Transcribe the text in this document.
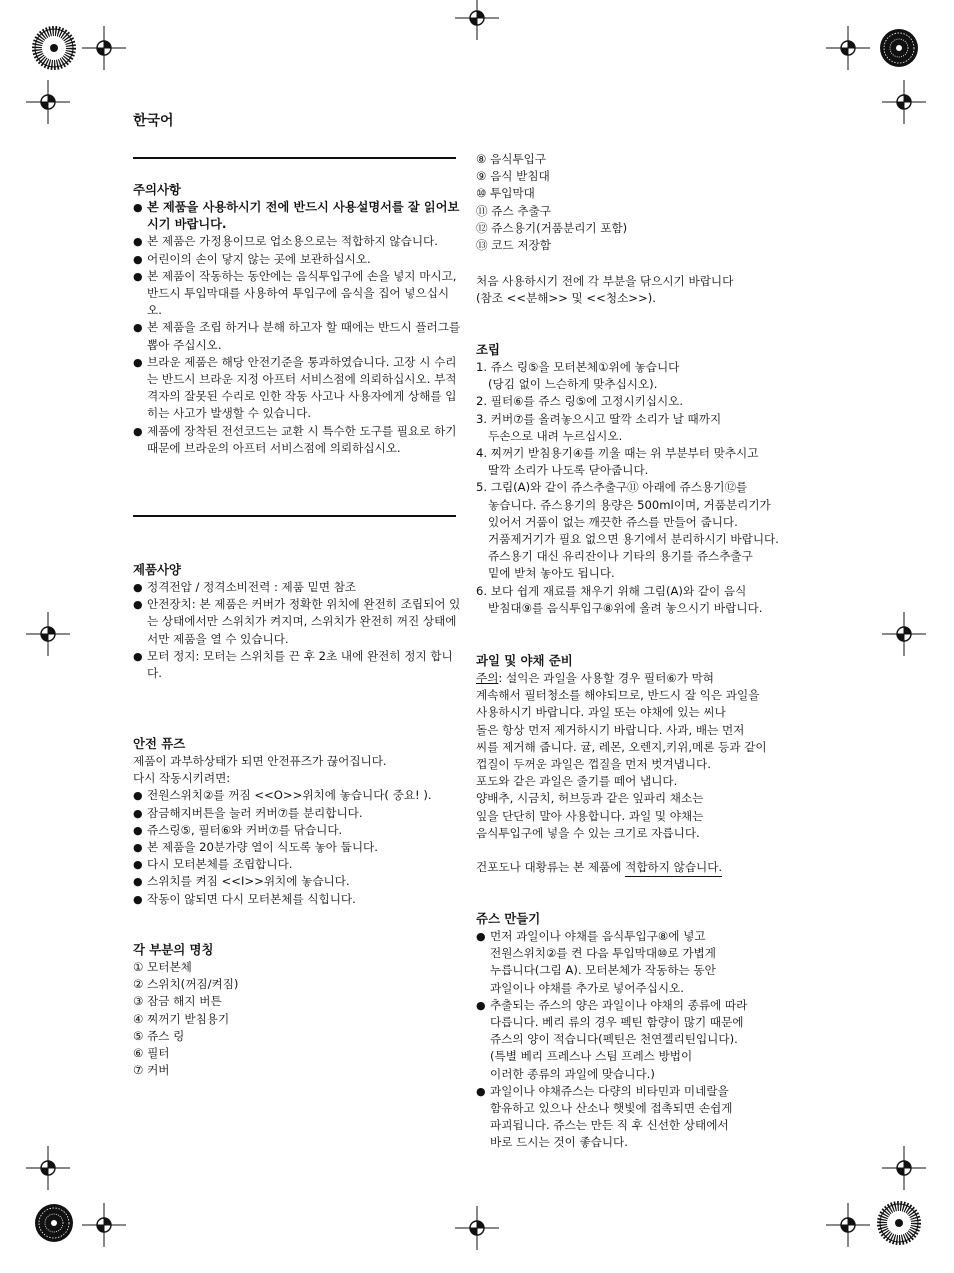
한국어
주의사항
● 본 제품을 사용하시기 전에 반드시 사용설명서를 잘 읽어보시기 바랍니다.
● 본 제품은 가정용이므로 업소용으로는 적합하지 않습니다.
● 어린이의 손이 닿지 않는 곳에 보관하십시오.
● 본 제품이 작동하는 동안에는 음식투입구에 손을 넣지 마시고, 반드시 투입막대를 사용하여 투입구에 음식을 집어 넣으십시오.
● 본 제품을 조립 하거나 분해 하고자 할 때에는 반드시 플러그를 뽑아 주십시오.
● 브라운 제품은 해당 안전기준을 통과하였습니다. 고장 시 수리는 반드시 브라운 지정 아프터 서비스점에 의뢰하십시오. 부적격자의 잘못된 수리로 인한 작동 사고나 사용자에게 상해를 입히는 사고가 발생할 수 있습니다.
● 제품에 장착된 전선코드는 교환 시 특수한 도구를 필요로 하기 때문에 브라운의 아프터 서비스점에 의뢰하십시오.
제품사양
● 정격전압 / 정격소비전력 : 제품 밑면 참조
● 안전장치: 본 제품은 커버가 정확한 위치에 완전히 조립되어 있는 상태에서만 스위치가 켜지며, 스위치가 완전히 꺼진 상태에서만 제품을 열 수 있습니다.
● 모터 정지: 모터는 스위치를 끈 후 2초 내에 완전히 정지 합니다.
안전 퓨즈
제품이 과부하상태가 되면 안전퓨즈가 끊어집니다.
다시 작동시키려면:
● 전원스위치②를 꺼짐 <<O>>위치에 놓습니다( 중요! ).
● 잠금해지버튼을 눌러 커버⑦를 분리합니다.
● 쥬스링⑤, 필터⑥와 커버⑦를 닦습니다.
● 본 제품을 20분가량 열이 식도록 놓아 둡니다.
● 다시 모터본체를 조립합니다.
● 스위치를 켜짐 <<I>>위치에 놓습니다.
● 작동이 않되면 다시 모터본체를 식힙니다.
각 부분의 명칭
① 모터본체
② 스위치(꺼짐/켜짐)
③ 잠금 해지 버튼
④ 찌꺼기 받침용기
⑤ 쥬스 링
⑥ 필터
⑦ 커버
⑧ 음식투입구
⑨ 음식 받침대
⑩ 투입막대
⑪ 쥬스 추출구
⑫ 쥬스용기(거품분리기 포함)
⑬ 코드 저장함
처음 사용하시기 전에 각 부분을 닦으시기 바랍니다
(참조 <<분해>> 및 <<청소>>).
조립
1. 쥬스 링⑤을 모터본체①위에 놓습니다
(당김 없이 느슨하게 맞추십시오).
2. 필터⑥를 쥬스 링⑤에 고정시키십시오.
3. 커버⑦를 올려놓으시고 딸깍 소리가 날 때까지
두손으로 내려 누르십시오.
4. 찌꺼기 받침용기④를 끼울 때는 위 부분부터 맞추시고
딸깍 소리가 나도록 닫아줍니다.
5. 그림(A)와 같이 쥬스추출구⑪ 아래에 쥬스용기⑫를
놓습니다. 쥬스용기의 용량은 500ml이며, 거품분리기가
있어서 거품이 없는 깨끗한 쥬스를 만들어 줍니다.
거품제거기가 필요 없으면 용기에서 분리하시기 바랍니다.
쥬스용기 대신 유리잔이나 기타의 용기를 쥬스추출구
밑에 받쳐 놓아도 됩니다.
6. 보다 쉽게 재료를 채우기 위해 그림(A)와 같이 음식
받침대⑨를 음식투입구⑧위에 올려 놓으시기 바랍니다.
과일 및 야채 준비
주의: 설익은 과일을 사용할 경우 필터⑥가 막혀
계속해서 필터청소를 해야되므로, 반드시 잘 익은 과일을
사용하시기 바랍니다. 과일 또는 야채에 있는 씨나
돌은 항상 먼저 제거하시기 바랍니다. 사과, 배는 먼저
씨를 제거해 줍니다. 귤, 레몬, 오렌지,키위,메론 등과 같이
껍질이 두꺼운 과일은 껍질을 먼저 벗겨냅니다.
포도와 같은 과일은 줄기를 떼어 냅니다.
양배추, 시금치, 허브등과 같은 잎파리 채소는
잎을 단단히 말아 사용합니다. 과일 및 야채는
음식투입구에 넣을 수 있는 크기로 자릅니다.
건포도나 대황류는 본 제품에 적합하지 않습니다.
쥬스 만들기
● 먼저 과일이나 야채를 음식투입구⑧에 넣고
전원스위치②를 켠 다음 투입막대⑩로 가볍게
누릅니다(그림 A). 모터본체가 작동하는 동안
과일이나 야채를 추가로 넣어주십시오.
● 추출되는 쥬스의 양은 과일이나 야채의 종류에 따라
다릅니다. 베리 류의 경우 펙틴 함량이 많기 때문에
쥬스의 양이 적습니다(펙틴은 천연젤리틴입니다).
(특별 베리 프레스나 스팀 프레스 방법이
이러한 종류의 과일에 맞습니다.)
● 과일이나 야채쥬스는 다량의 비타민과 미네랄을
함유하고 있으나 산소나 햇빛에 접촉되면 손쉽게
파괴됩니다. 쥬스는 만든 직 후 신선한 상태에서
바로 드시는 것이 좋습니다.
